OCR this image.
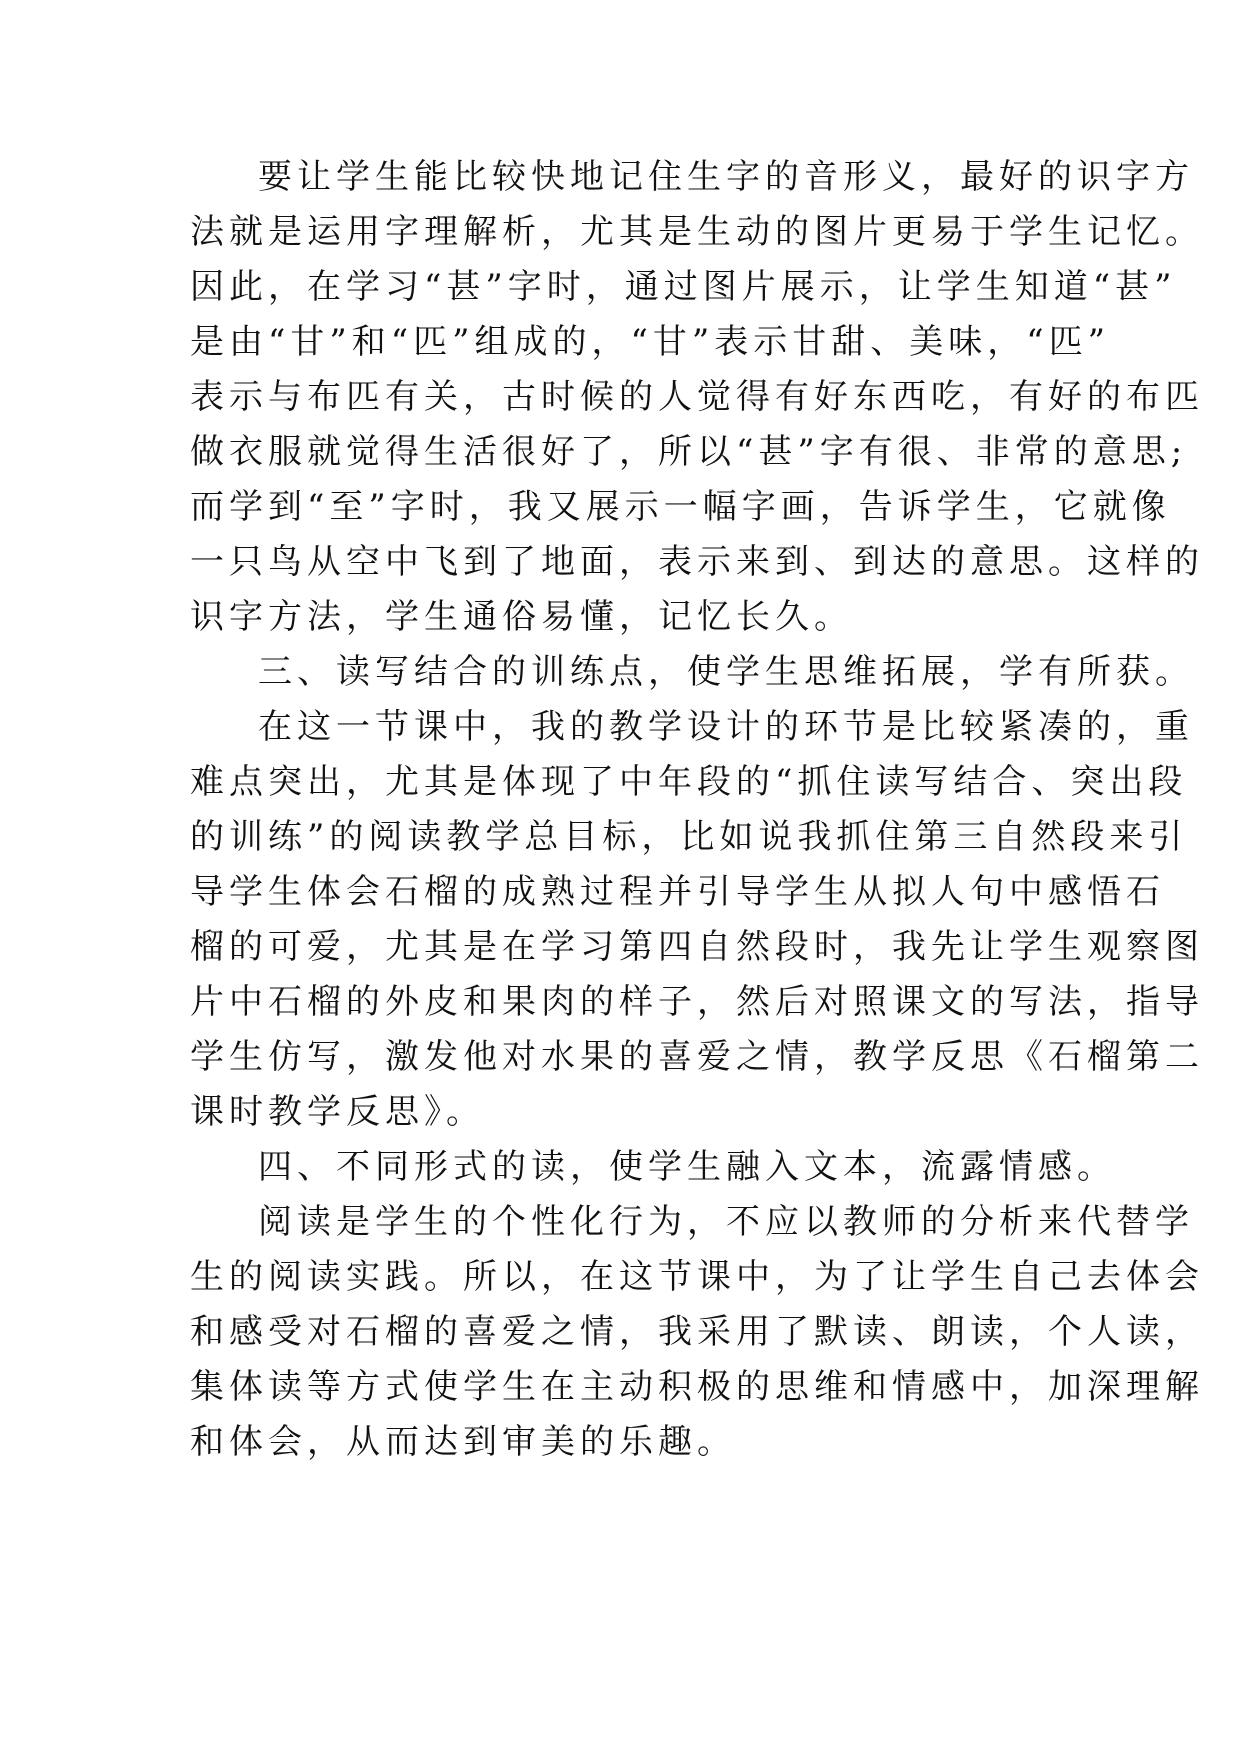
要让学生能比较快地记住生字的音形义，最好的识字方
法就是运用字理解析，尤其是生动的图片更易于学生记忆。
因此，在学习“甚”字时，通过图片展示，让学生知道“甚”
是由“甘”和“匹”组成的，“甘”表示甘甜、美味，“匹”
表示与布匹有关，古时候的人觉得有好东西吃，有好的布匹
做衣服就觉得生活很好了，所以“甚”字有很、非常的意思;
而学到“至”字时，我又展示一幅字画，告诉学生，它就像
一只鸟从空中飞到了地面，表示来到、到达的意思。这样的
识字方法，学生通俗易懂，记忆长久。
三、读写结合的训练点，使学生思维拓展，学有所获。
在这一节课中，我的教学设计的环节是比较紧凑的，重
难点突出，尤其是体现了中年段的“抓住读写结合、突出段
的训练”的阅读教学总目标，比如说我抓住第三自然段来引
导学生体会石榴的成熟过程并引导学生从拟人句中感悟石
榴的可爱，尤其是在学习第四自然段时，我先让学生观察图
片中石榴的外皮和果肉的样子，然后对照课文的写法，指导
学生仿写，激发他对水果的喜爱之情，教学反思《石榴第二
课时教学反思》。
四、不同形式的读，使学生融入文本，流露情感。
阅读是学生的个性化行为，不应以教师的分析来代替学
生的阅读实践。所以，在这节课中，为了让学生自己去体会
和感受对石榴的喜爱之情，我采用了默读、朗读，个人读，
集体读等方式使学生在主动积极的思维和情感中，加深理解
和体会，从而达到审美的乐趣。
